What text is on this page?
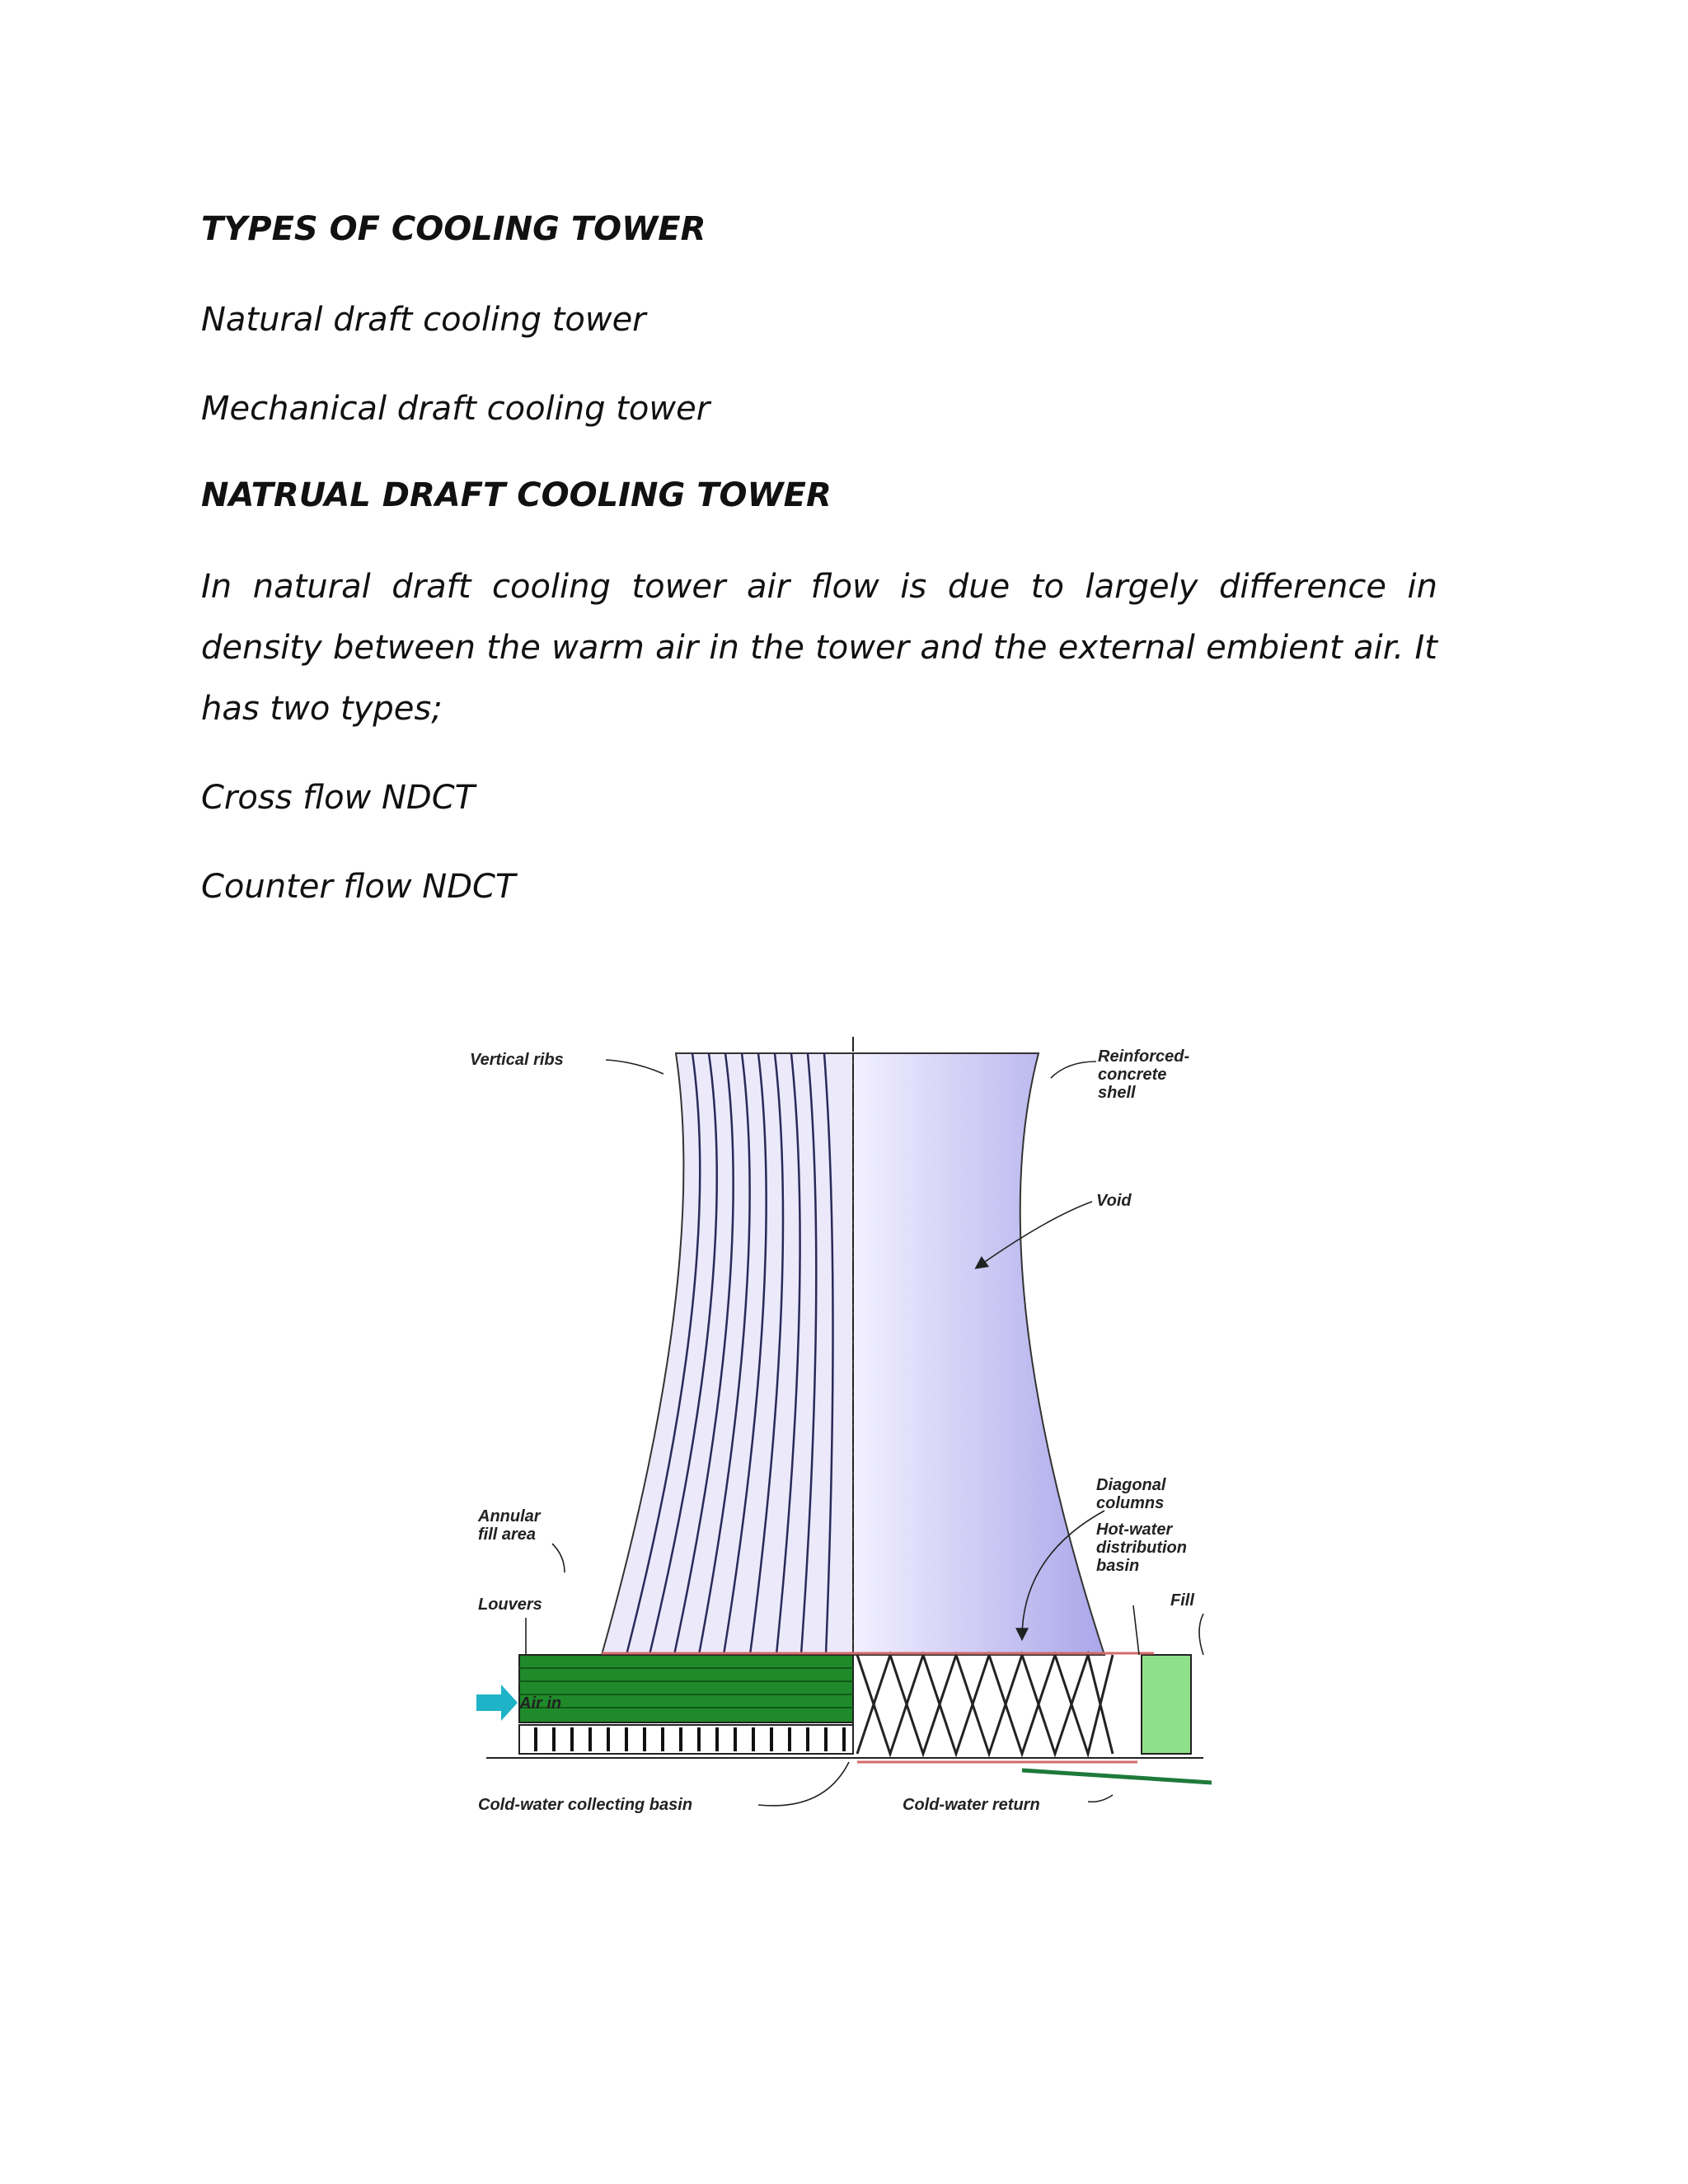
TYPES OF COOLING TOWER

Natural draft cooling tower

Mechanical draft cooling tower

NATRUAL DRAFT COOLING TOWER

In natural draft cooling tower air flow is due to largely difference in density between the warm air in the tower and the external embient air. It has two types;

Cross flow NDCT

Counter flow NDCT

Vertical ribs	Reinforced-
concrete
shell
Void
Annular
fill area
Louvers
Air in
Diagonal
columns
Hot-water
distribution
basin
Fill
Cold-water collecting basin	Cold-water return
